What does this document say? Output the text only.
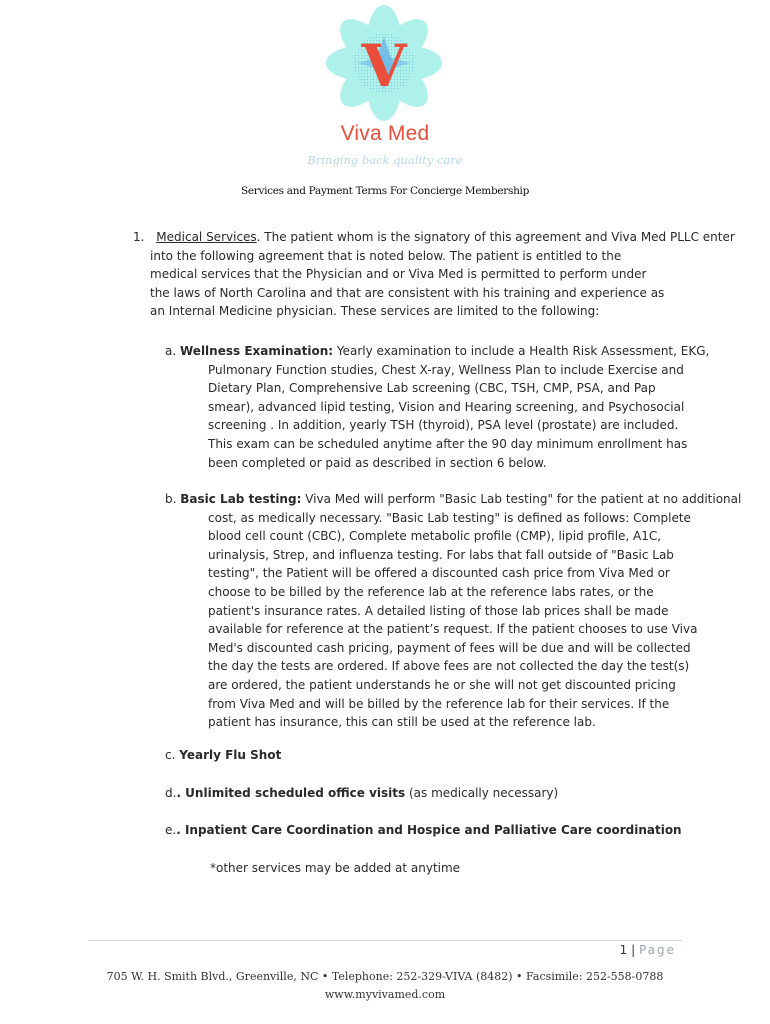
V
Viva Med
Bringing back quality care
Services and Payment Terms For Concierge Membership
1. Medical Services. The patient whom is the signatory of this agreement and Viva Med PLLC enter
into the following agreement that is noted below. The patient is entitled to the
medical services that the Physician and or Viva Med is permitted to perform under
the laws of North Carolina and that are consistent with his training and experience as
an Internal Medicine physician. These services are limited to the following:
a. Wellness Examination: Yearly examination to include a Health Risk Assessment, EKG,
Pulmonary Function studies, Chest X-ray, Wellness Plan to include Exercise and
Dietary Plan, Comprehensive Lab screening (CBC, TSH, CMP, PSA, and Pap
smear), advanced lipid testing, Vision and Hearing screening, and Psychosocial
screening . In addition, yearly TSH (thyroid), PSA level (prostate) are included.
This exam can be scheduled anytime after the 90 day minimum enrollment has
been completed or paid as described in section 6 below.
b. Basic Lab testing: Viva Med will perform "Basic Lab testing" for the patient at no additional
cost, as medically necessary. "Basic Lab testing" is defined as follows: Complete
blood cell count (CBC), Complete metabolic profile (CMP), lipid profile, A1C,
urinalysis, Strep, and influenza testing. For labs that fall outside of "Basic Lab
testing", the Patient will be offered a discounted cash price from Viva Med or
choose to be billed by the reference lab at the reference labs rates, or the
patient's insurance rates. A detailed listing of those lab prices shall be made
available for reference at the patient’s request. If the patient chooses to use Viva
Med's discounted cash pricing, payment of fees will be due and will be collected
the day the tests are ordered. If above fees are not collected the day the test(s)
are ordered, the patient understands he or she will not get discounted pricing
from Viva Med and will be billed by the reference lab for their services. If the
patient has insurance, this can still be used at the reference lab.
c. Yearly Flu Shot
d.. Unlimited scheduled office visits (as medically necessary)
e.. Inpatient Care Coordination and Hospice and Palliative Care coordination
*other services may be added at anytime
1 | Page
705 W. H. Smith Blvd., Greenville, NC • Telephone: 252-329-VIVA (8482) • Facsimile: 252-558-0788
www.myvivamed.com
